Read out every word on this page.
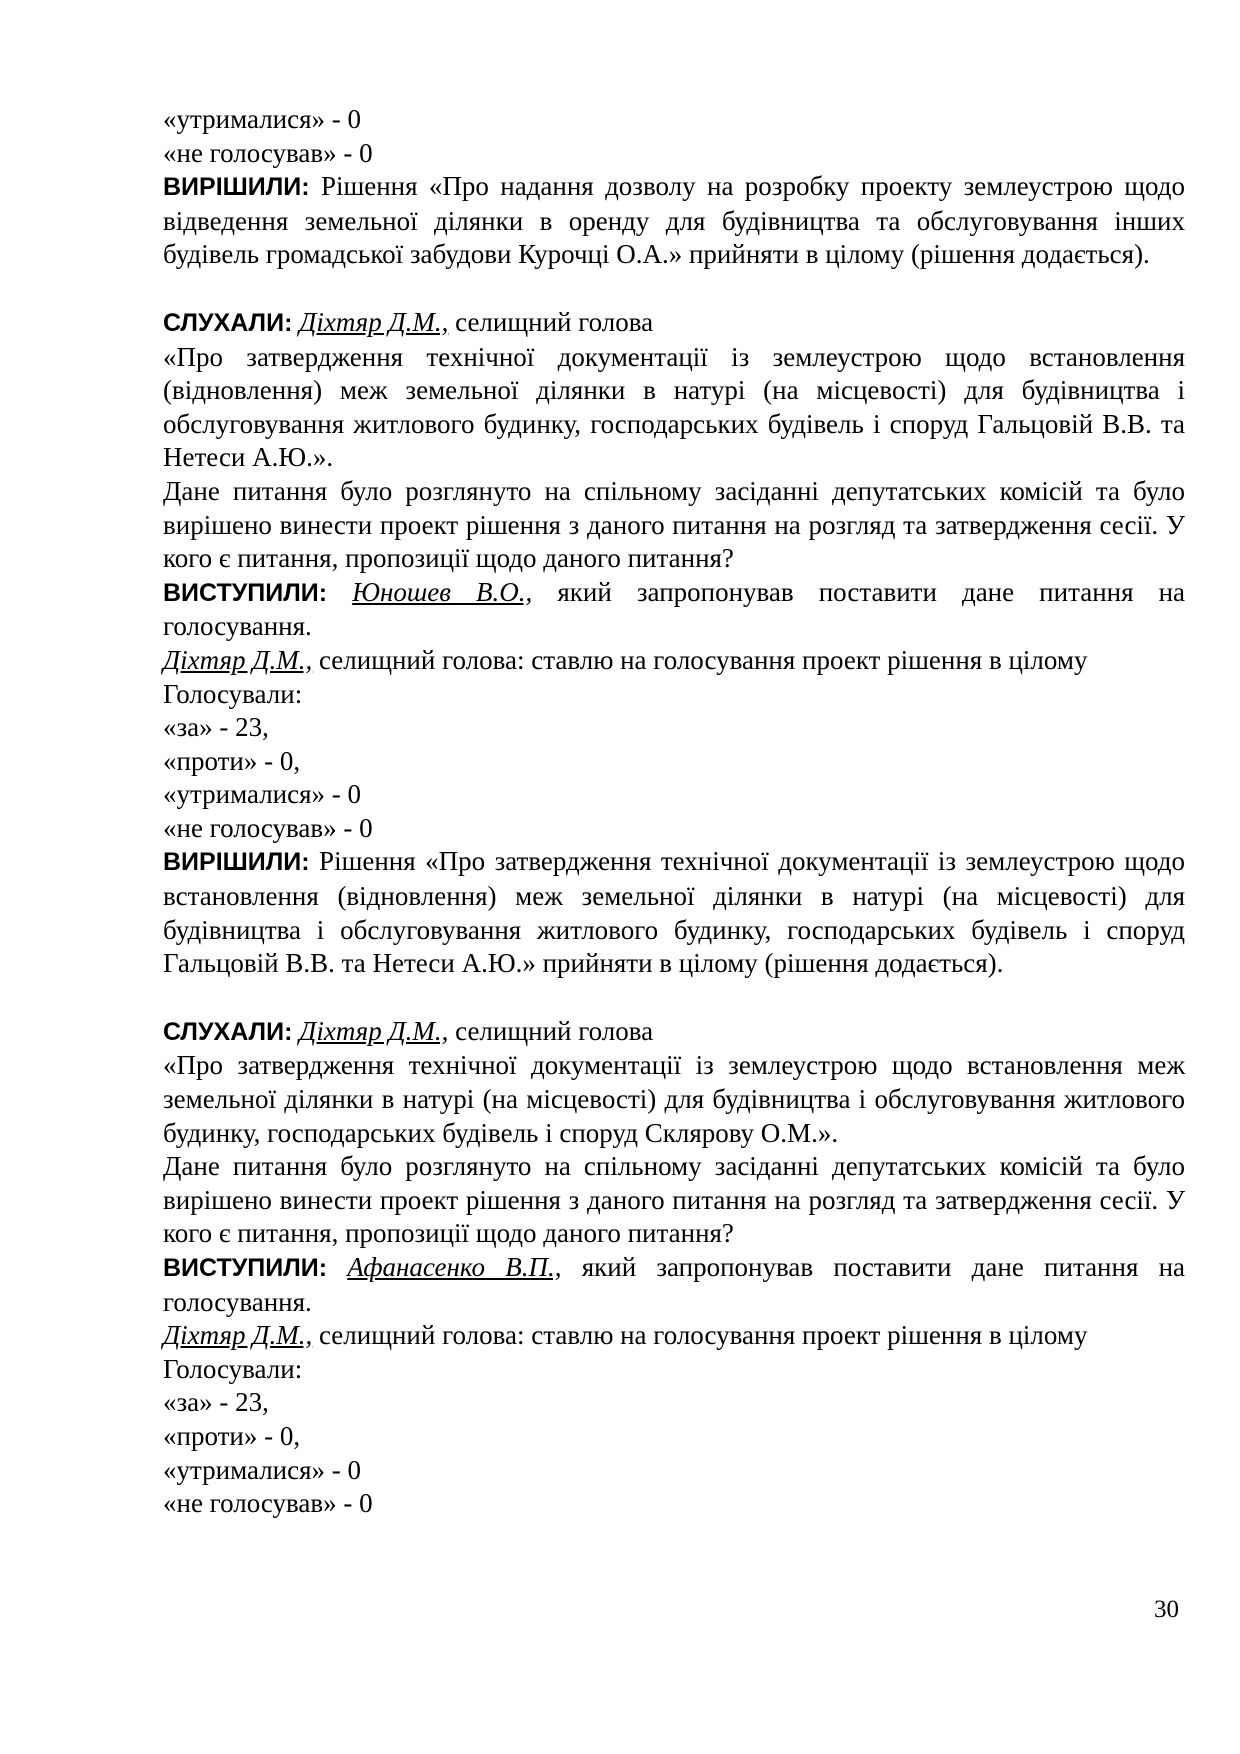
«утрималися» - 0
«не голосував» - 0
ВИРІШИЛИ: Рішення «Про надання дозволу на розробку проекту землеустрою щодо відведення земельної ділянки в оренду для будівництва та обслуговування інших будівель громадської забудови Курочці О.А.» прийняти в цілому (рішення додається).
СЛУХАЛИ: Діхтяр Д.М., селищний голова
«Про затвердження технічної документації із землеустрою щодо встановлення (відновлення) меж земельної ділянки в натурі (на місцевості) для будівництва і обслуговування житлового будинку, господарських будівель і споруд Гальцовій В.В. та Нетеси А.Ю.».
Дане питання було розглянуто на спільному засіданні депутатських комісій та було вирішено винести проект рішення з даного питання на розгляд та затвердження сесії. У кого є питання, пропозиції щодо даного питання?
ВИСТУПИЛИ: Юношев В.О., який запропонував поставити дане питання на голосування.
Діхтяр Д.М., селищний голова: ставлю на голосування проект рішення в цілому
Голосували:
«за» - 23,
«проти» - 0,
«утрималися» - 0
«не голосував» - 0
ВИРІШИЛИ: Рішення «Про затвердження технічної документації із землеустрою щодо встановлення (відновлення) меж земельної ділянки в натурі (на місцевості) для будівництва і обслуговування житлового будинку, господарських будівель і споруд Гальцовій В.В. та Нетеси А.Ю.» прийняти в цілому (рішення додається).
СЛУХАЛИ: Діхтяр Д.М., селищний голова
«Про затвердження технічної документації із землеустрою щодо встановлення меж земельної ділянки в натурі (на місцевості) для будівництва і обслуговування житлового будинку, господарських будівель і споруд Склярову О.М.».
Дане питання було розглянуто на спільному засіданні депутатських комісій та було вирішено винести проект рішення з даного питання на розгляд та затвердження сесії. У кого є питання, пропозиції щодо даного питання?
ВИСТУПИЛИ: Афанасенко В.П., який запропонував поставити дане питання на голосування.
Діхтяр Д.М., селищний голова: ставлю на голосування проект рішення в цілому
Голосували:
«за» - 23,
«проти» - 0,
«утрималися» - 0
«не голосував» - 0
30
